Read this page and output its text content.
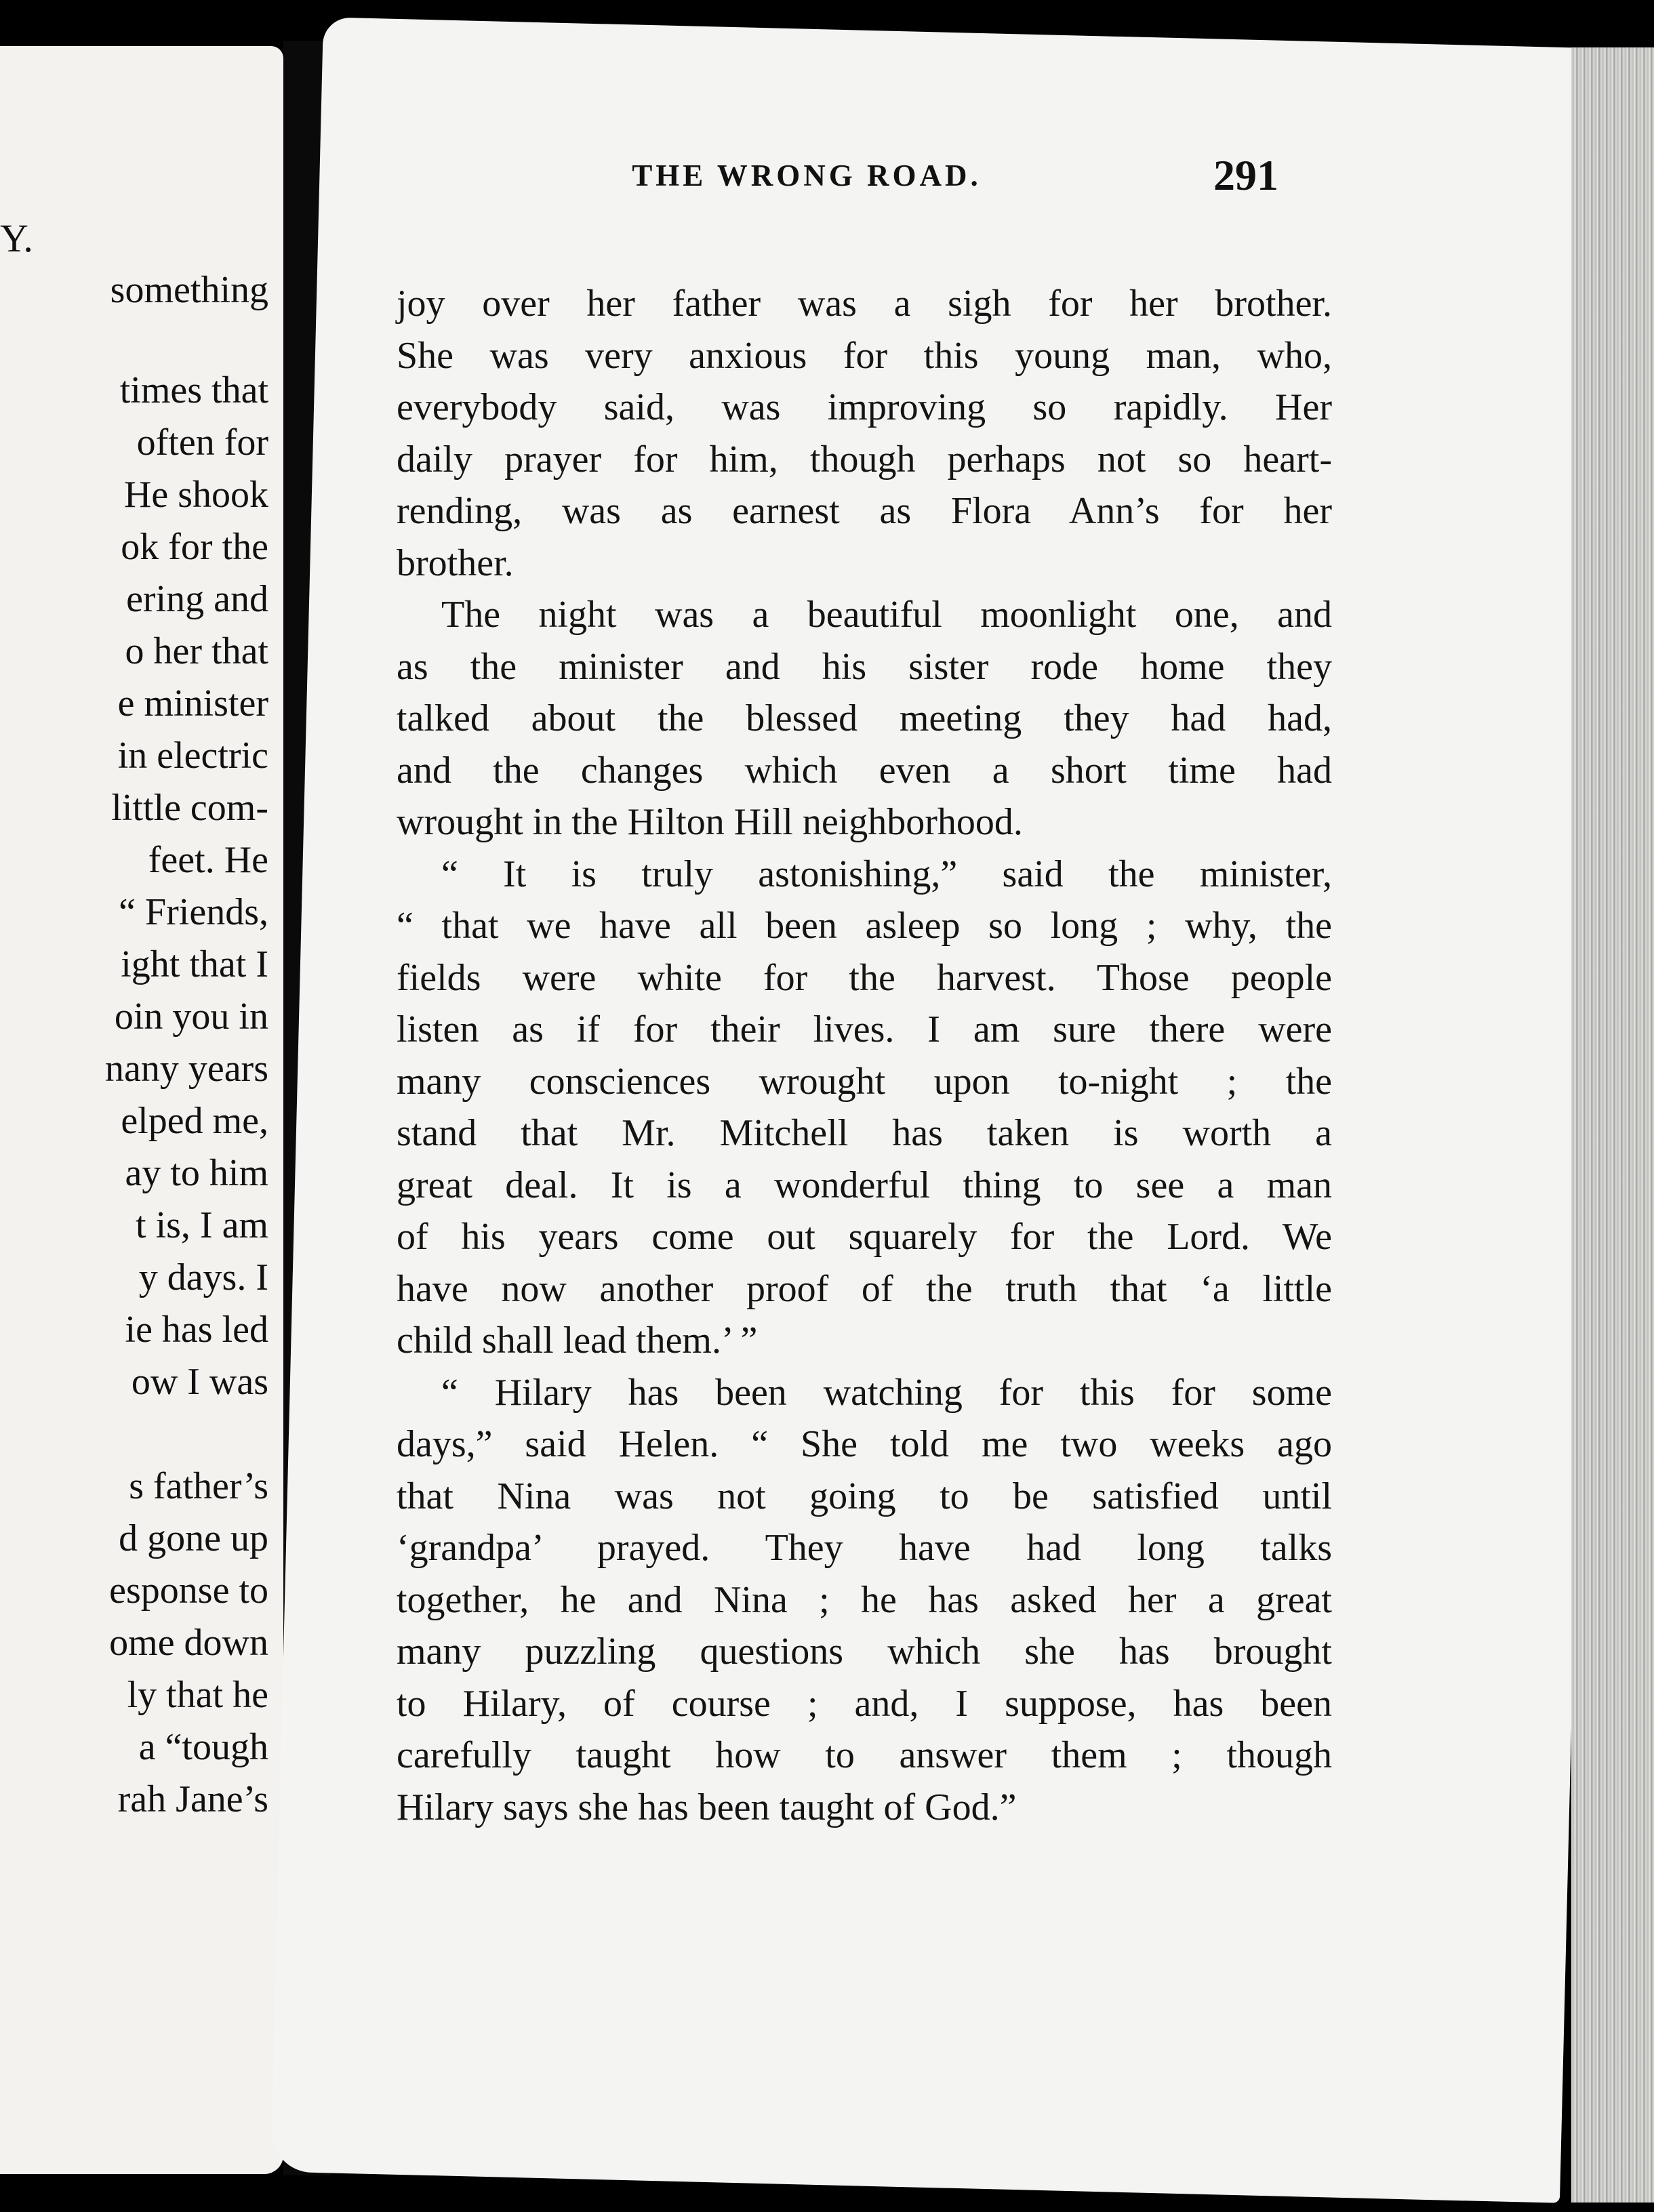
Y.
something
times that
often for
He shook
ok for the
ering and
o her that
e minister
in electric
little com-
feet. He
“ Friends,
ight that I
oin you in
nany years
elped me,
ay to him
t is, I am
y days. I
ie has led
ow I was
s father’s
d gone up
esponse to
ome down
ly that he
a “tough
rah Jane’s
THE WRONG ROAD.	291
joy over her father was a sigh for her brother.
She was very anxious for this young man, who,
everybody said, was improving so rapidly. Her
daily prayer for him, though perhaps not so heart-
rending, was as earnest as Flora Ann’s for her
brother.
The night was a beautiful moonlight one, and
as the minister and his sister rode home they
talked about the blessed meeting they had had,
and the changes which even a short time had
wrought in the Hilton Hill neighborhood.
“ It is truly astonishing,” said the minister,
“ that we have all been asleep so long ; why, the
fields were white for the harvest. Those people
listen as if for their lives. I am sure there were
many consciences wrought upon to-night ; the
stand that Mr. Mitchell has taken is worth a
great deal. It is a wonderful thing to see a man
of his years come out squarely for the Lord. We
have now another proof of the truth that ‘a little
child shall lead them.’ ”
“ Hilary has been watching for this for some
days,” said Helen. “ She told me two weeks ago
that Nina was not going to be satisfied until
‘grandpa’ prayed. They have had long talks
together, he and Nina ; he has asked her a great
many puzzling questions which she has brought
to Hilary, of course ; and, I suppose, has been
carefully taught how to answer them ; though
Hilary says she has been taught of God.”
